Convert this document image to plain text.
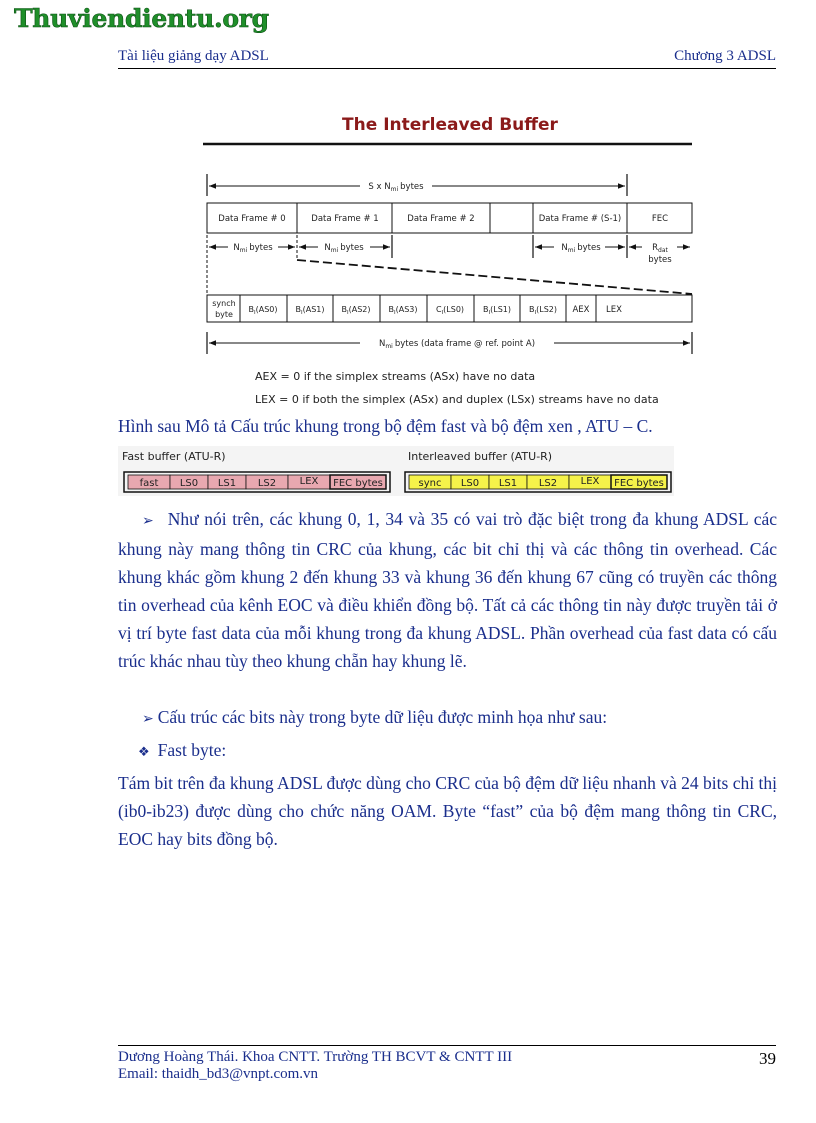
Thuviendientu.org
Tài liệu giảng dạy ADSL	Chương 3 ADSL
The Interleaved Buffer
S x $N_{mi}$ bytes
Data Frame # 0	Data Frame # 1	Data Frame # 2	Data Frame # (S-1)	FEC
$N_{mi}$ bytes	$N_{mi}$ bytes	$N_{mi}$ bytes	$R_{dat}$
bytes
synch
byte
$B_I(AS0)$ $B_I(AS1)$ $B_I(AS2)$ $B_I(AS3)$ $C_I(LS0)$ $B_I(LS1)$ $B_I(LS2)$ AEX LEX
$N_{mi}$ bytes (data frame @ ref. point A)
AEX = 0 if the simplex streams (ASx) have no data
LEX = 0 if both the simplex (ASx) and duplex (LSx) streams have no data
Hình sau Mô tả Cấu trúc khung trong bộ đệm fast và bộ đệm xen , ATU – C.
Fast buffer (ATU-R)	Interleaved buffer (ATU-R)
fast LS0 LS1 LS2 LEX FEC bytes	sync LS0 LS1 LS2 LEX FEC bytes

➢ Như nói trên, các khung 0, 1, 34 và 35 có vai trò đặc biệt trong đa khung ADSL các khung này mang thông tin CRC của khung, các bit chỉ thị và các thông tin overhead. Các khung khác gồm khung 2 đến khung 33 và khung 36 đến khung 67 cũng có truyền các thông tin overhead của kênh EOC và điều khiển đồng bộ. Tất cả các thông tin này được truyền tải ở vị trí byte fast data của mỗi khung trong đa khung ADSL. Phần overhead của fast data có cấu trúc khác nhau tùy theo khung chẵn hay khung lẽ.

➢ Cấu trúc các bits này trong byte dữ liệu được minh họa như sau:
❖ Fast byte:

Tám bit trên đa khung ADSL được dùng cho CRC của bộ đệm dữ liệu nhanh và 24 bits chỉ thị (ib0-ib23) được dùng cho chức năng OAM. Byte “fast” của bộ đệm mang thông tin CRC, EOC hay bits đồng bộ.

Dương Hoàng Thái. Khoa CNTT. Trường TH BCVT & CNTT III
Email: thaidh_bd3@vnpt.com.vn
39
